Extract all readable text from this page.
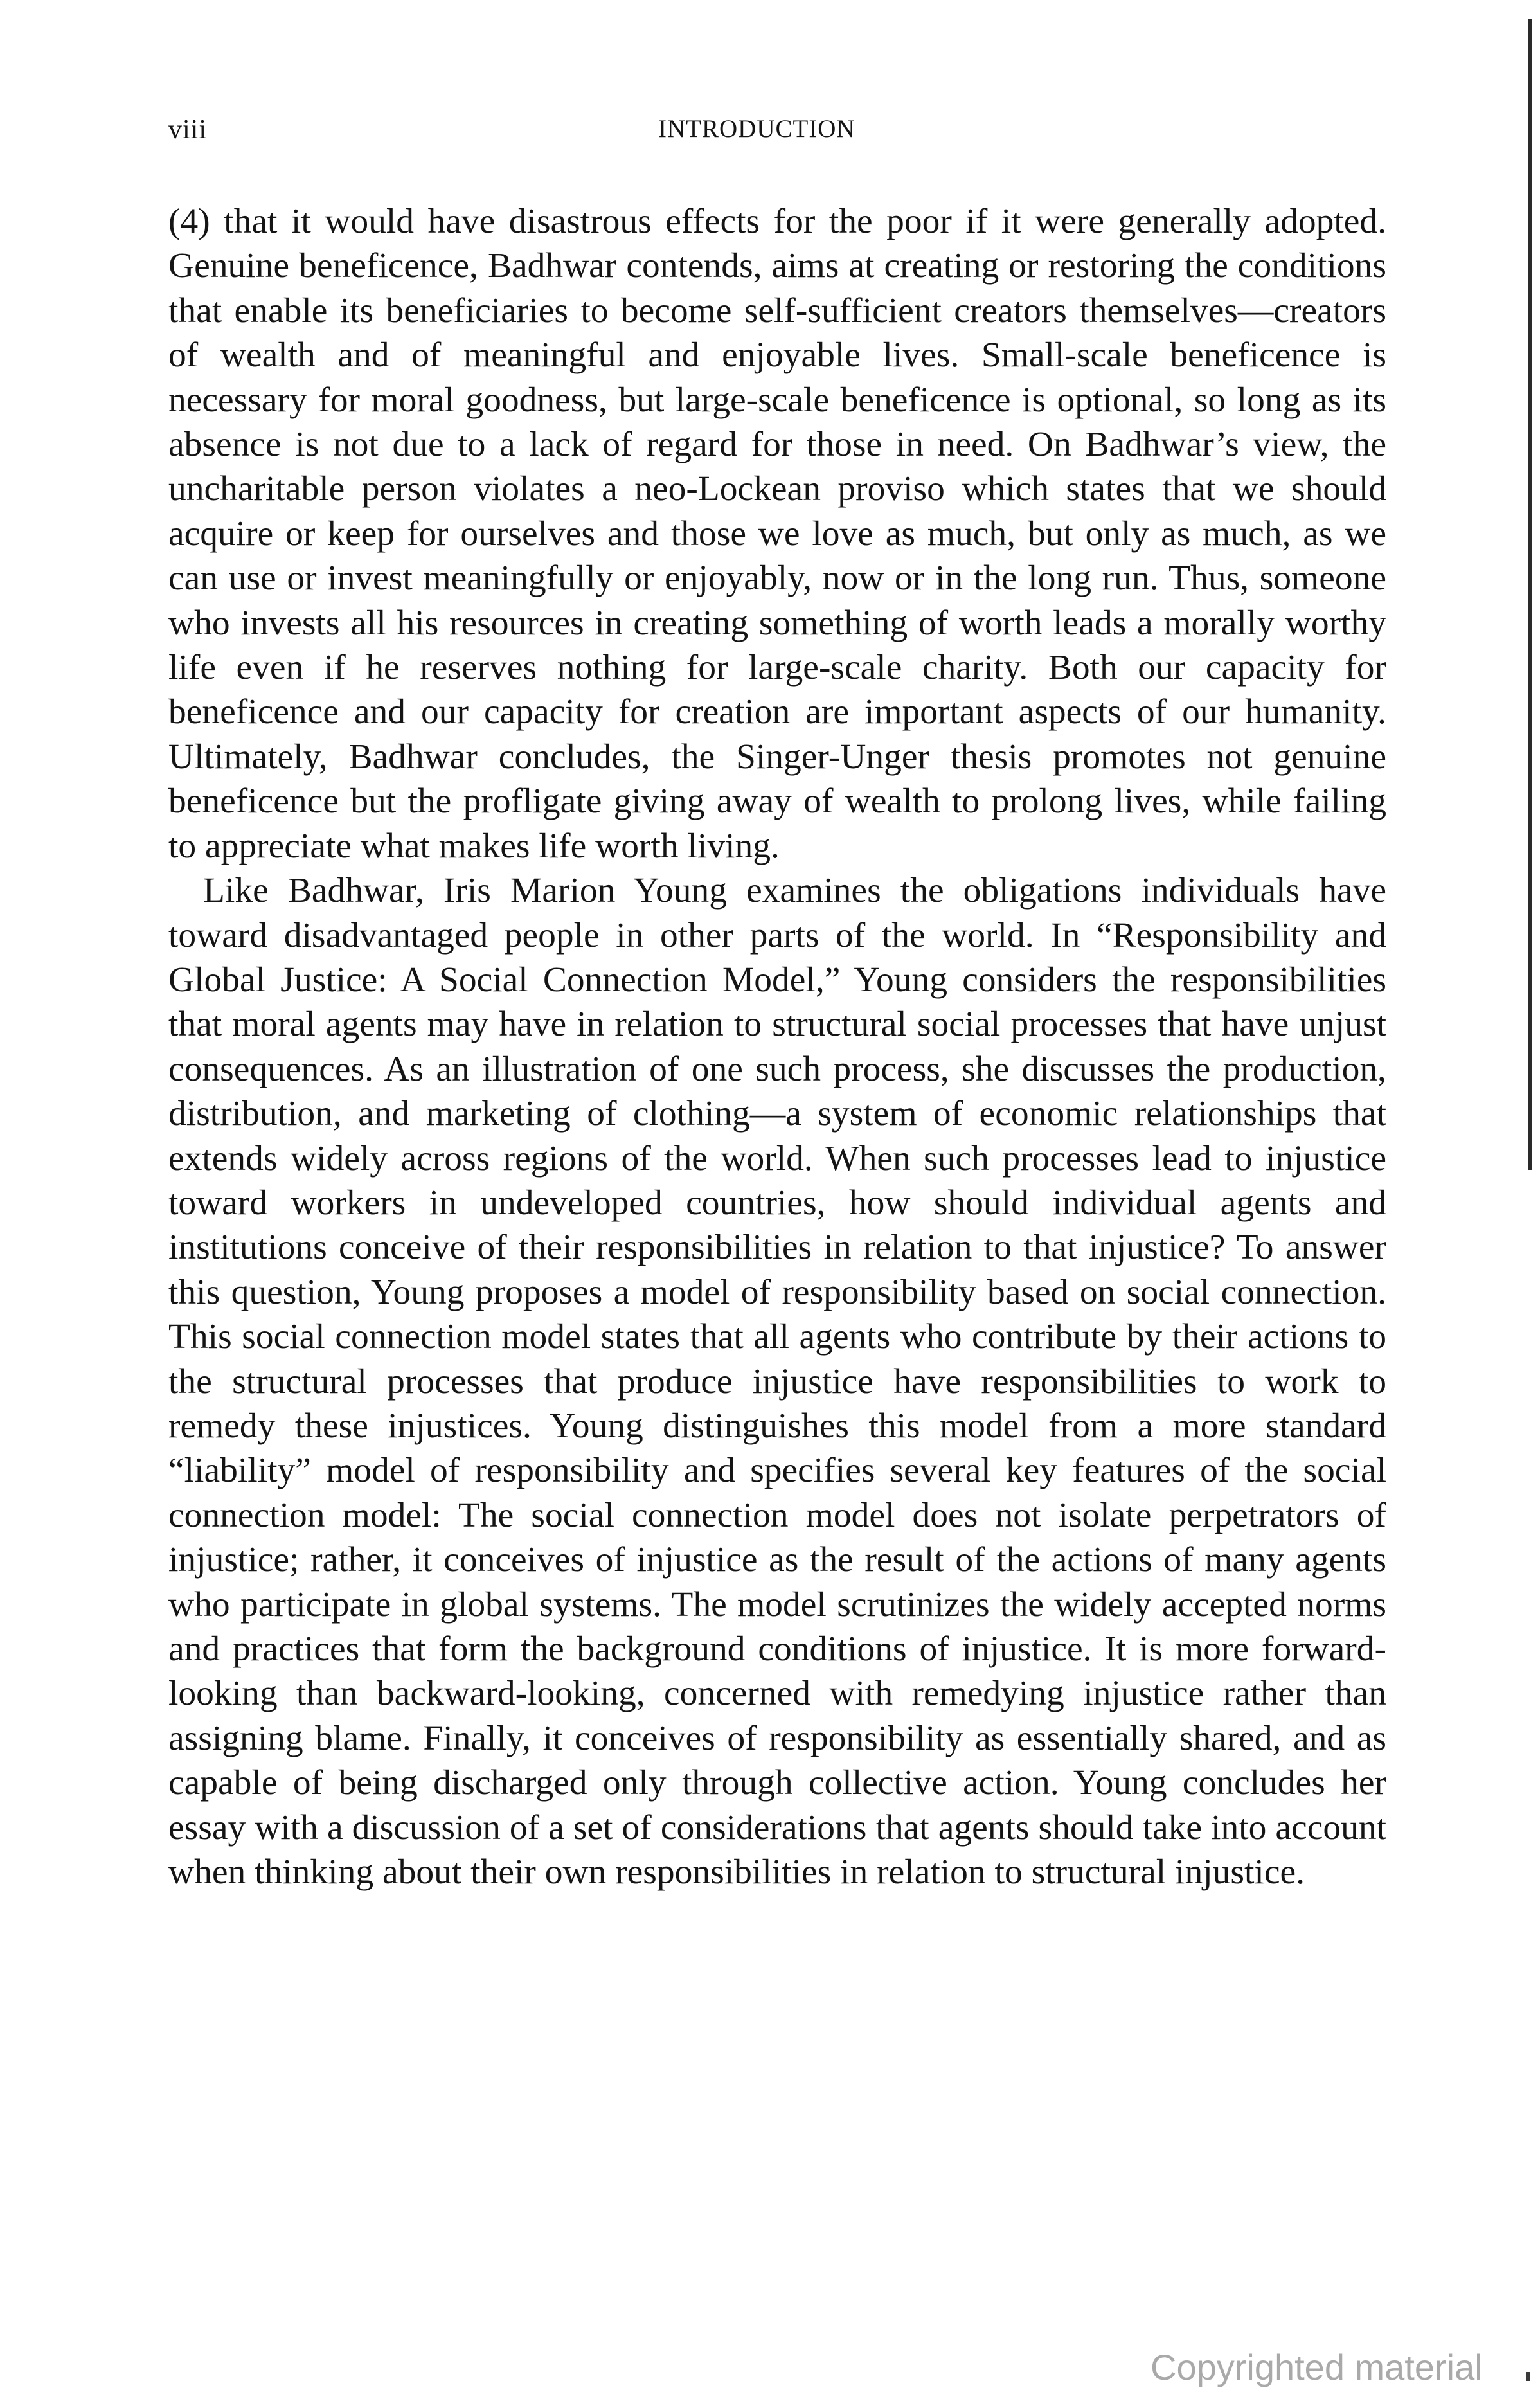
viii	INTRODUCTION

(4) that it would have disastrous effects for the poor if it were generally adopted. Genuine beneficence, Badhwar contends, aims at creating or restoring the conditions that enable its beneficiaries to become self-sufficient creators themselves—creators of wealth and of meaningful and enjoyable lives. Small-scale beneficence is necessary for moral goodness, but large-scale beneficence is optional, so long as its absence is not due to a lack of regard for those in need. On Badhwar’s view, the uncharitable person violates a neo-Lockean proviso which states that we should acquire or keep for ourselves and those we love as much, but only as much, as we can use or invest meaningfully or enjoyably, now or in the long run. Thus, someone who invests all his resources in creating something of worth leads a morally worthy life even if he reserves nothing for large-scale charity. Both our capacity for beneficence and our capacity for creation are important aspects of our humanity. Ultimately, Badhwar concludes, the Singer-Unger thesis promotes not genuine beneficence but the profligate giving away of wealth to prolong lives, while failing to appreciate what makes life worth living.

Like Badhwar, Iris Marion Young examines the obligations individuals have toward disadvantaged people in other parts of the world. In “Responsibility and Global Justice: A Social Connection Model,” Young considers the responsibilities that moral agents may have in relation to structural social processes that have unjust consequences. As an illustration of one such process, she discusses the production, distribution, and marketing of clothing—a system of economic relationships that extends widely across regions of the world. When such processes lead to injustice toward workers in undeveloped countries, how should individual agents and institutions conceive of their responsibilities in relation to that injustice? To answer this question, Young proposes a model of responsibility based on social connection. This social connection model states that all agents who contribute by their actions to the structural processes that produce injustice have responsibilities to work to remedy these injustices. Young distinguishes this model from a more standard “liability” model of responsibility and specifies several key features of the social connection model: The social connection model does not isolate perpetrators of injustice; rather, it conceives of injustice as the result of the actions of many agents who participate in global systems. The model scrutinizes the widely accepted norms and practices that form the background conditions of injustice. It is more forward-looking than backward-looking, concerned with remedying injustice rather than assigning blame. Finally, it conceives of responsibility as essentially shared, and as capable of being discharged only through collective action. Young concludes her essay with a discussion of a set of considerations that agents should take into account when thinking about their own responsibilities in relation to structural injustice.

Copyrighted material
